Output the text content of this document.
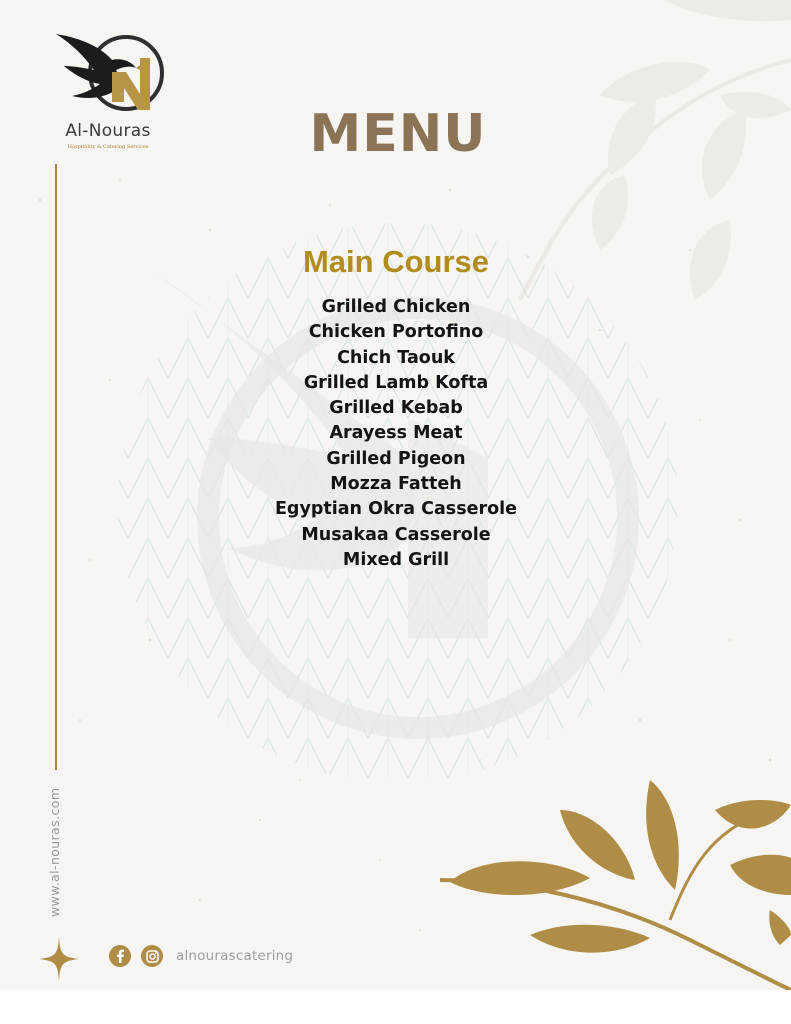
Al-Nouras
Hospitality & Catering Services
www.al-nouras.com
alnourascatering
MENU
Main Course
Grilled Chicken
Chicken Portofino
Chich Taouk
Grilled Lamb Kofta
Grilled Kebab
Arayess Meat
Grilled Pigeon
Mozza Fatteh
Egyptian Okra Casserole
Musakaa Casserole
Mixed Grill
